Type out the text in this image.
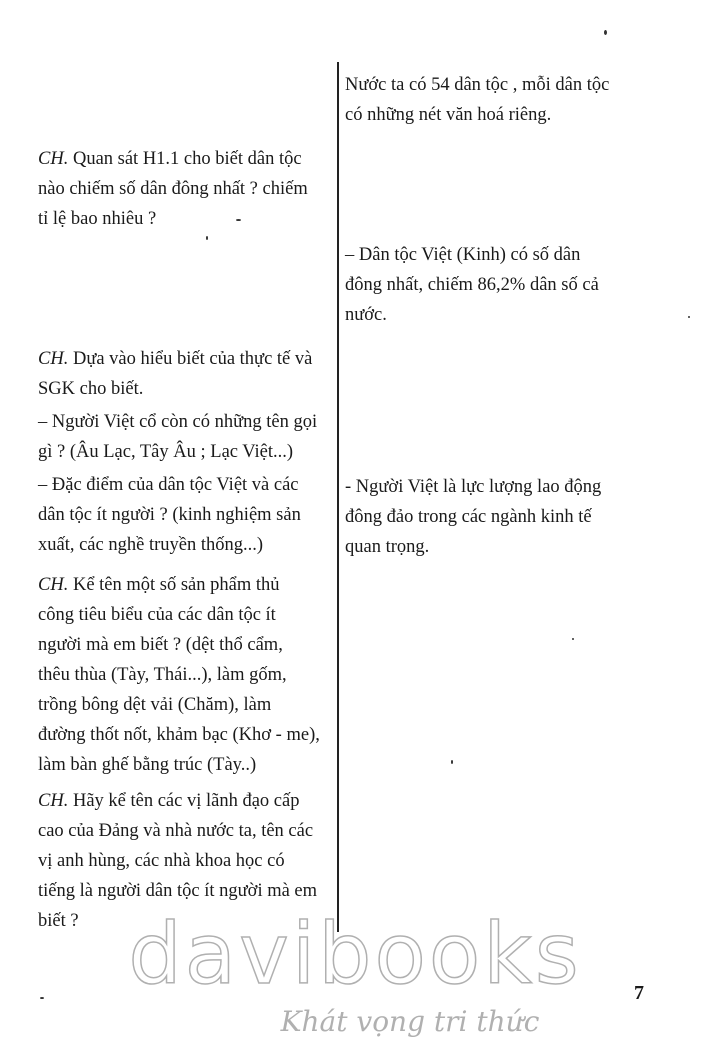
Nước ta có 54 dân tộc , mỗi dân tộc
có những nét văn hoá riêng.

– Dân tộc Việt (Kinh) có số dân
đông nhất, chiếm 86,2% dân số cả
nước.

- Người Việt là lực lượng lao động
đông đảo trong các ngành kinh tế
quan trọng.

CH. Quan sát H1.1 cho biết dân tộc
nào chiếm số dân đông nhất ? chiếm
tỉ lệ bao nhiêu ?

CH. Dựa vào hiểu biết của thực tế và
SGK cho biết.

– Người Việt cổ còn có những tên gọi
gì ? (Âu Lạc, Tây Âu ; Lạc Việt...)

– Đặc điểm của dân tộc Việt và các
dân tộc ít người ? (kinh nghiệm sản
xuất, các nghề truyền thống...)

CH. Kể tên một số sản phẩm thủ
công tiêu biểu của các dân tộc ít
người mà em biết ? (dệt thổ cẩm,
thêu thùa (Tày, Thái...), làm gốm,
trồng bông dệt vải (Chăm), làm
đường thốt nốt, khảm bạc (Khơ - me),
làm bàn ghế bằng trúc (Tày..)

CH. Hãy kể tên các vị lãnh đạo cấp
cao của Đảng và nhà nước ta, tên các
vị anh hùng, các nhà khoa học có
tiếng là người dân tộc ít người mà em
biết ?

7

davibooks

Khát vọng tri thức
